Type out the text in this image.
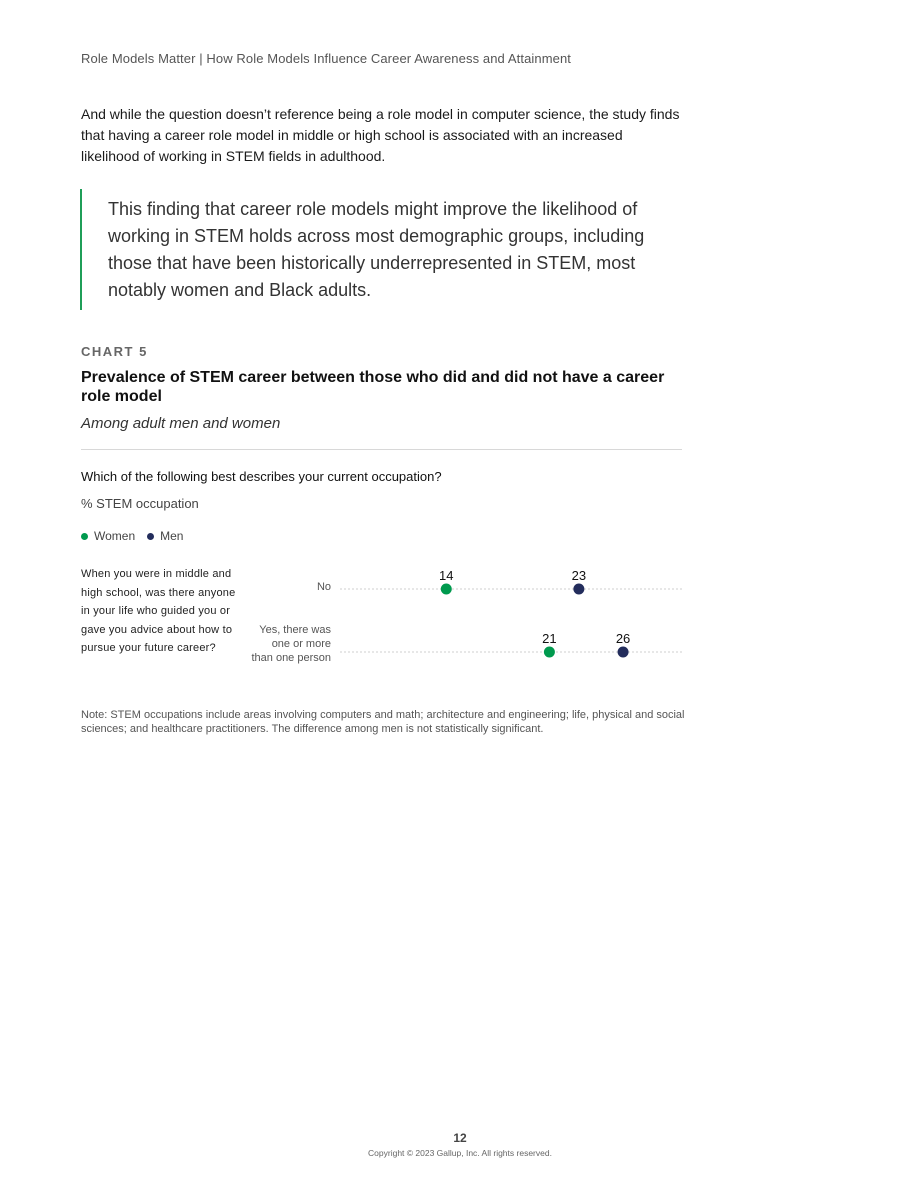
Role Models Matter | How Role Models Influence Career Awareness and Attainment
And while the question doesn’t reference being a role model in computer science, the study finds that having a career role model in middle or high school is associated with an increased likelihood of working in STEM fields in adulthood.
This finding that career role models might improve the likelihood of working in STEM holds across most demographic groups, including those that have been historically underrepresented in STEM, most notably women and Black adults.
CHART 5
Prevalence of STEM career between those who did and did not have a career role model
Among adult men and women
Which of the following best describes your current occupation?
% STEM occupation
Women Men
When you were in middle and high school, was there anyone in your life who guided you or gave you advice about how to pursue your future career?
No
Yes, there was one or more than one person
14
21
23
26
Note: STEM occupations include areas involving computers and math; architecture and engineering; life, physical and social sciences; and healthcare practitioners. The difference among men is not statistically significant.
12
Copyright © 2023 Gallup, Inc. All rights reserved.
